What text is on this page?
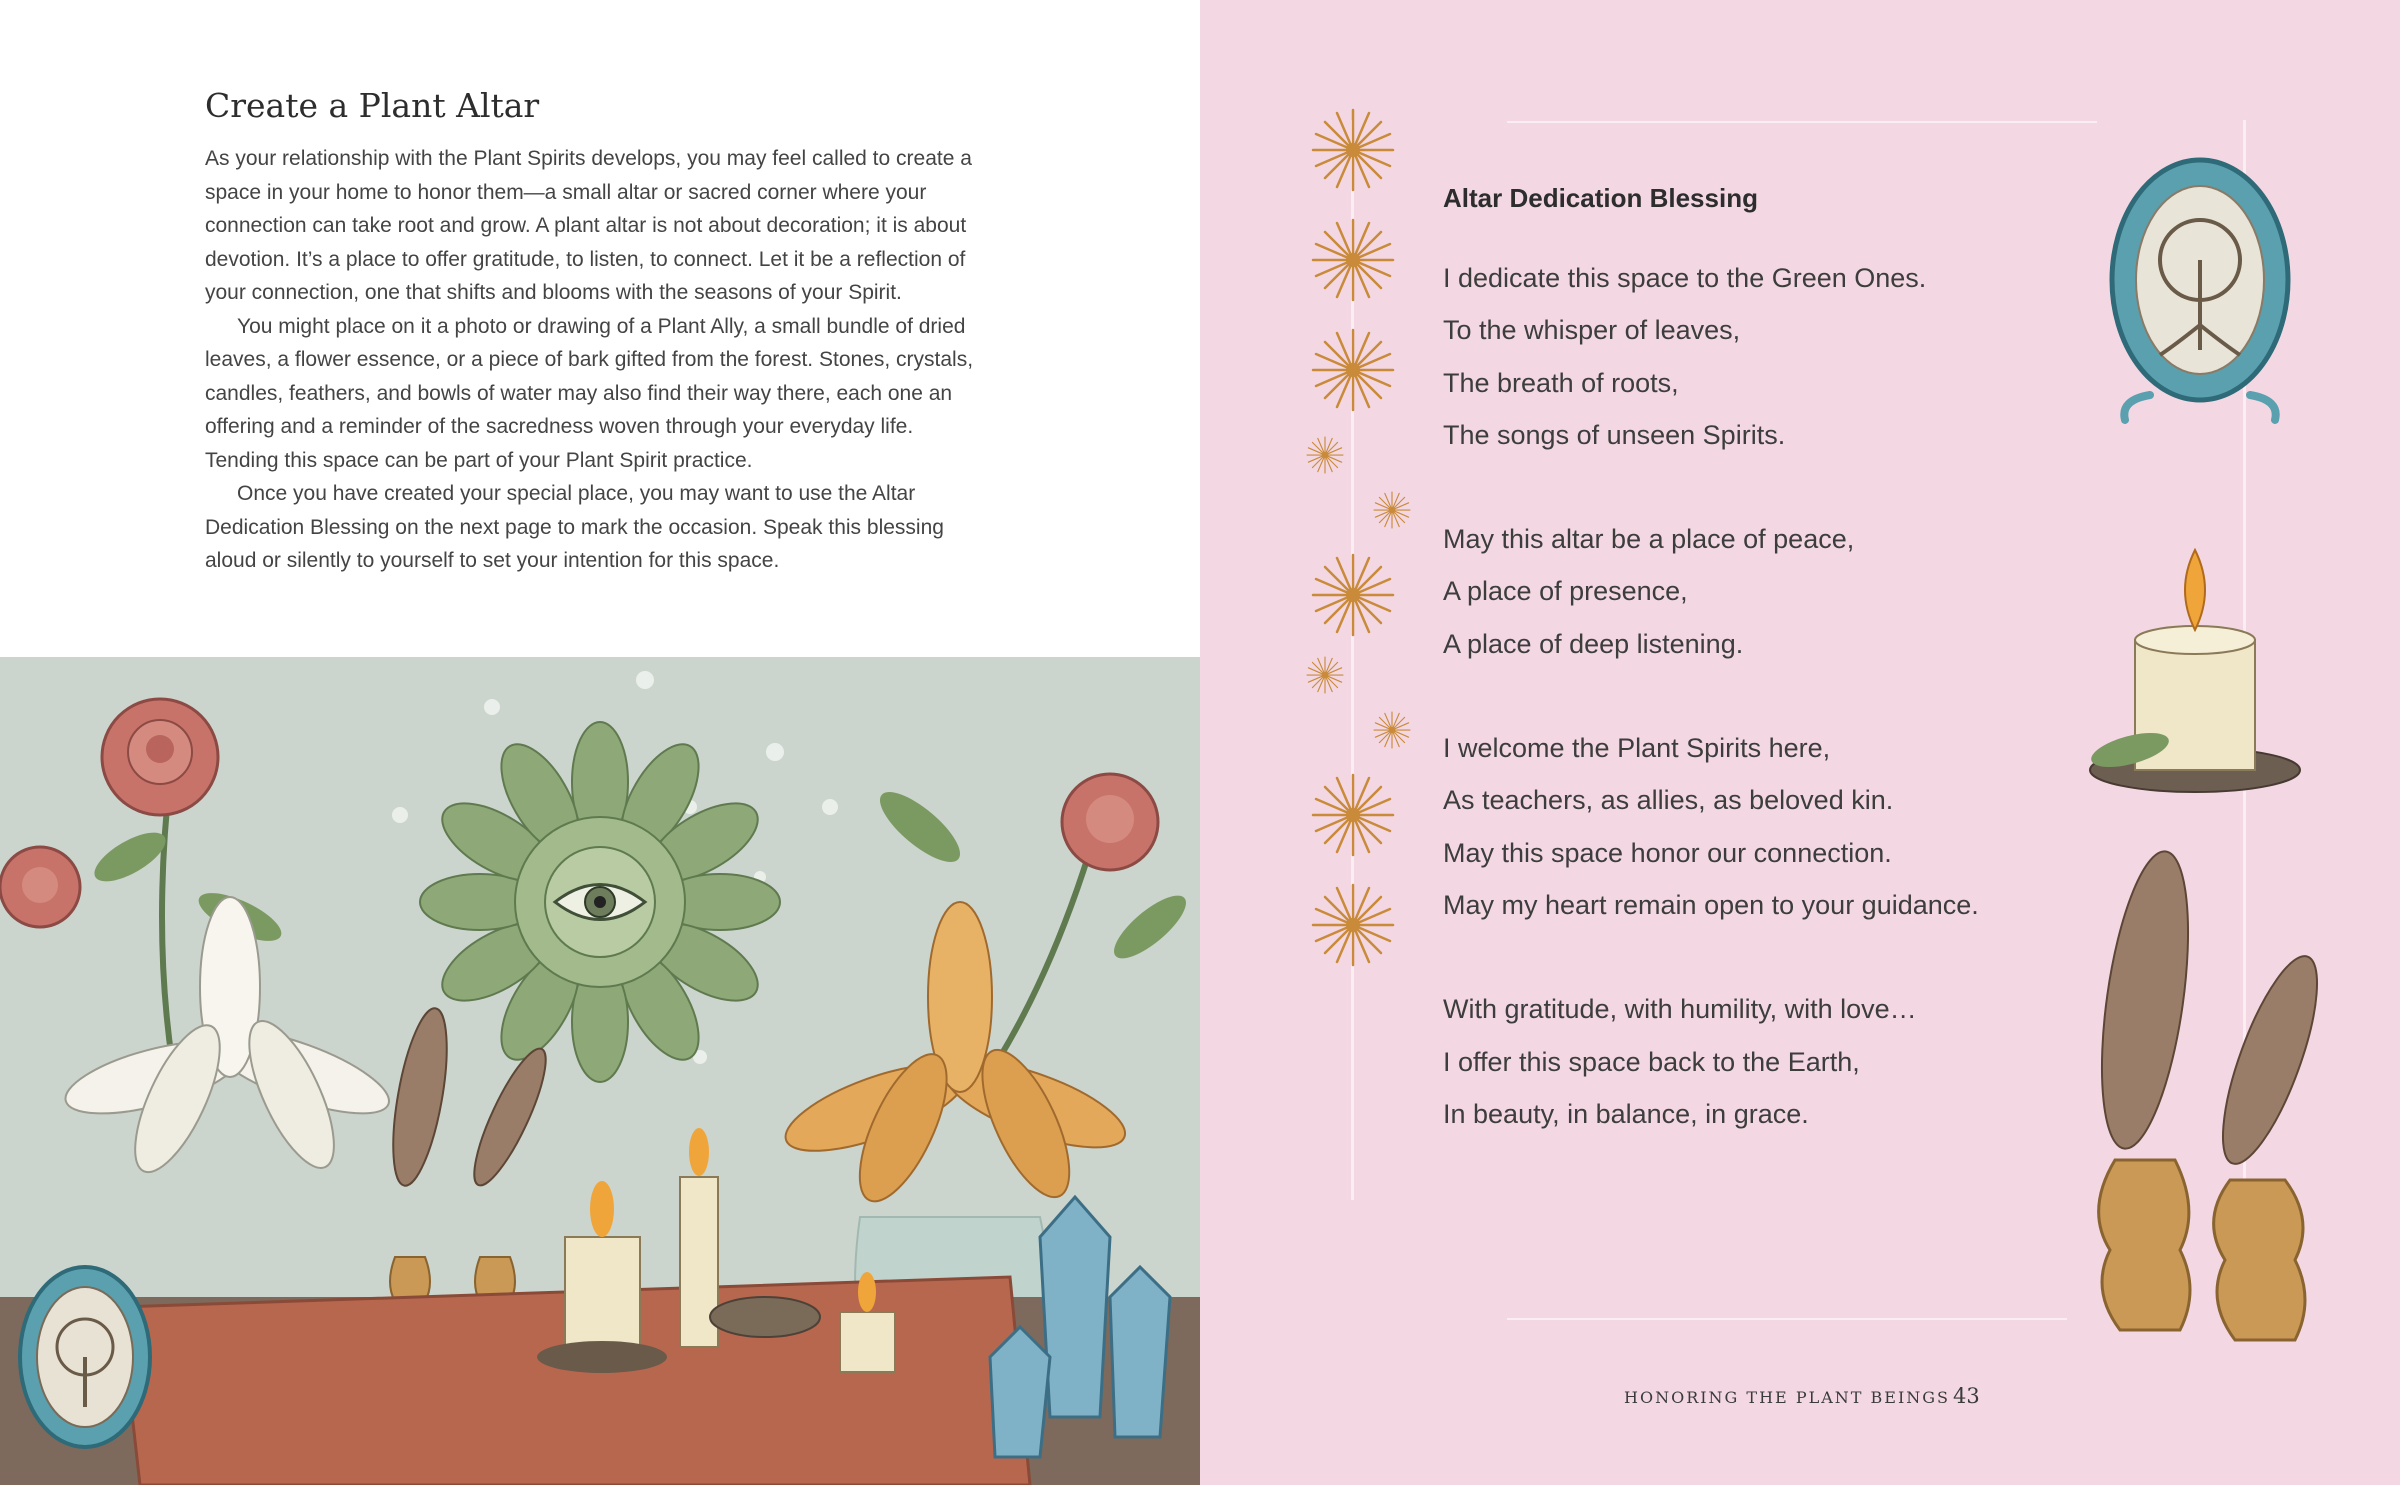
Create a Plant Altar

As your relationship with the Plant Spirits develops, you may feel called to create a space in your home to honor them—a small altar or sacred corner where your connection can take root and grow. A plant altar is not about decoration; it is about devotion. It’s a place to offer gratitude, to listen, to connect. Let it be a reflection of your connection, one that shifts and blooms with the seasons of your Spirit.

You might place on it a photo or drawing of a Plant Ally, a small bundle of dried leaves, a flower essence, or a piece of bark gifted from the forest. Stones, crystals, candles, feathers, and bowls of water may also find their way there, each one an offering and a reminder of the sacredness woven through your everyday life. Tending this space can be part of your Plant Spirit practice.

Once you have created your special place, you may want to use the Altar Dedication Blessing on the next page to mark the occasion. Speak this blessing aloud or silently to yourself to set your intention for this space.

Altar Dedication Blessing
I dedicate this space to the Green Ones.
To the whisper of leaves,
The breath of roots,
The songs of unseen Spirits.
May this altar be a place of peace,
A place of presence,
A place of deep listening.
I welcome the Plant Spirits here,
As teachers, as allies, as beloved kin.
May this space honor our connection.
May my heart remain open to your guidance.
With gratitude, with humility, with love…
I offer this space back to the Earth,
In beauty, in balance, in grace.
HONORING THE PLANT BEINGS 43
